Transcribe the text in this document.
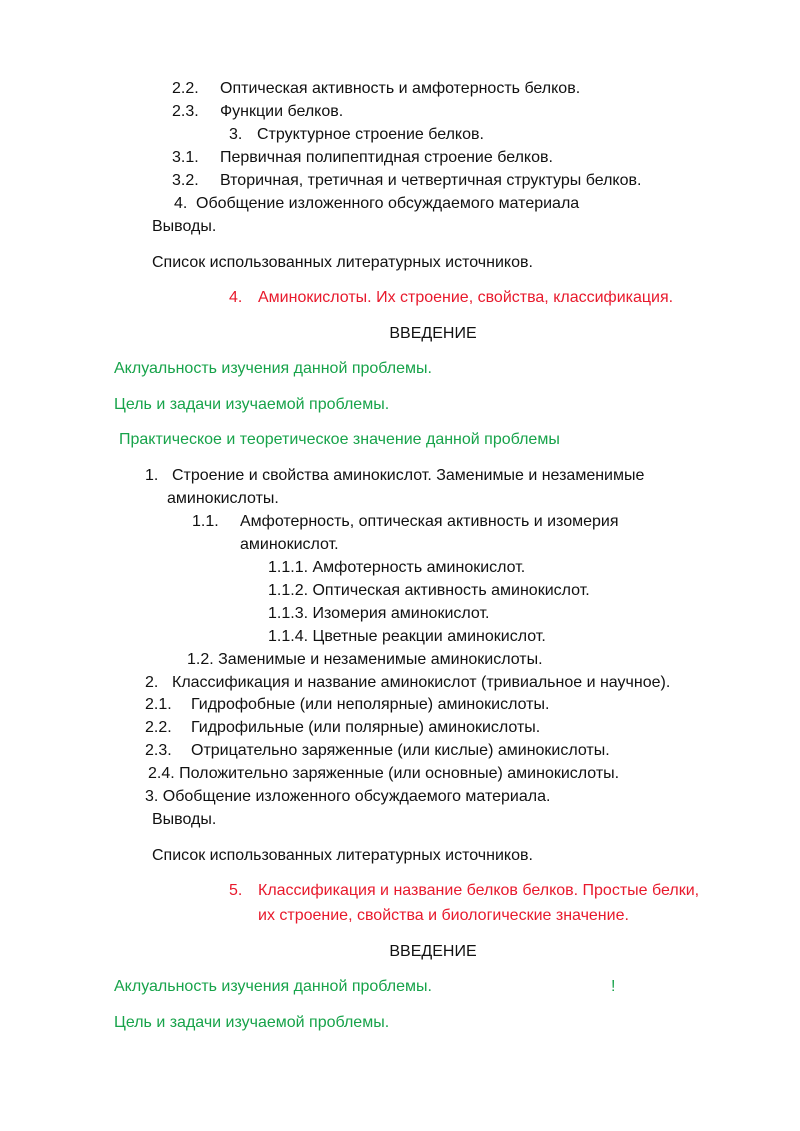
2.2. Оптическая активность и амфотерность белков.
2.3. Функции белков.
3. Структурное строение белков.
3.1. Первичная полипептидная строение белков.
3.2. Вторичная, третичная и четвертичная структуры белков.
4. Обобщение изложенного обсуждаемого материала
Выводы.
Список использованных литературных источников.
4. Аминокислоты. Их строение, свойства, классификация.
ВВЕДЕНИЕ
Аклуальность изучения данной проблемы.
Цель и задачи изучаемой проблемы.
Практическое и теоретическое значение данной проблемы
1. Строение и свойства аминокислот. Заменимые и незаменимые
аминокислоты.
1.1. Амфотерность, оптическая активность и изомерия
аминокислот.
1.1.1. Амфотерность аминокислот.
1.1.2. Оптическая активность аминокислот.
1.1.3. Изомерия аминокислот.
1.1.4. Цветные реакции аминокислот.
1.2. Заменимые и незаменимые аминокислоты.
2. Классификация и название аминокислот (тривиальное и научное).
2.1. Гидрофобные (или неполярные) аминокислоты.
2.2. Гидрофильные (или полярные) аминокислоты.
2.3. Отрицательно заряженные (или кислые) аминокислоты.
2.4. Положительно заряженные (или основные) аминокислоты.
3. Обобщение изложенного обсуждаемого материала.
Выводы.
Список использованных литературных источников.
5. Классификация и название белков белков. Простые белки,
их строение, свойства и биологические значение.
ВВЕДЕНИЕ
Аклуальность изучения данной проблемы.	!
Цель и задачи изучаемой проблемы.
